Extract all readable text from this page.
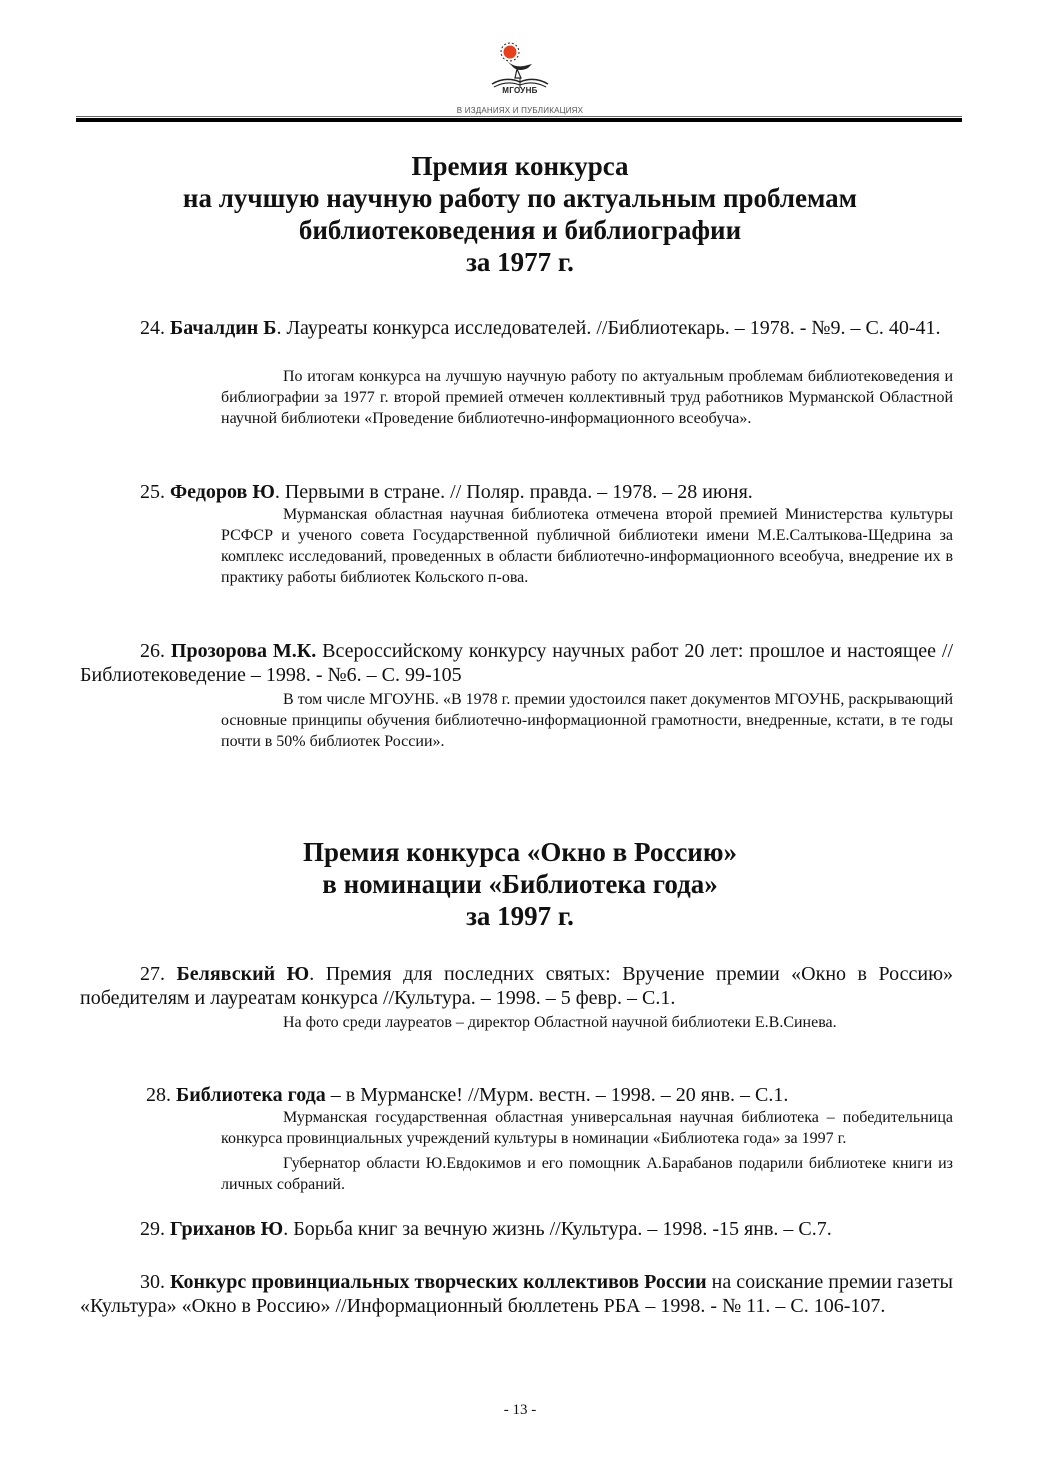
МГОУНБ
В ИЗДАНИЯХ И ПУБЛИКАЦИЯХ
Премия конкурса
на лучшую научную работу по актуальным проблемам
библиотековедения и библиографии
за 1977 г.
24. Бачалдин Б. Лауреаты конкурса исследователей. //Библиотекарь. – 1978. - №9. – С. 40-41.

По итогам конкурса на лучшую научную работу по актуальным проблемам библиотековедения и библиографии за 1977 г. второй премией отмечен коллективный труд работников Мурманской Областной научной библиотеки «Проведение библиотечно-информационного всеобуча».

25. Федоров Ю. Первыми в стране. // Поляр. правда. – 1978. – 28 июня.

Мурманская областная научная библиотека отмечена второй премией Министерства культуры РСФСР и ученого совета Государственной публичной библиотеки имени М.Е.Салтыкова-Щедрина за комплекс исследований, проведенных в области библиотечно-информационного всеобуча, внедрение их в практику работы библиотек Кольского п-ова.

26. Прозорова М.К. Всероссийскому конкурсу научных работ 20 лет: прошлое и настоящее //Библиотековедение – 1998. - №6. – С. 99-105

В том числе МГОУНБ. «В 1978 г. премии удостоился пакет документов МГОУНБ, раскрывающий основные принципы обучения библиотечно-информационной грамотности, внедренные, кстати, в те годы почти в 50% библиотек России».

Премия конкурса «Окно в Россию»
в номинации «Библиотека года»
за 1997 г.
27. Белявский Ю. Премия для последних святых: Вручение премии «Окно в Россию» победителям и лауреатам конкурса //Культура. – 1998. – 5 февр. – С.1.

На фото среди лауреатов – директор Областной научной библиотеки Е.В.Синева.

28. Библиотека года – в Мурманске! //Мурм. вестн. – 1998. – 20 янв. – С.1.

Мурманская государственная областная универсальная научная библиотека – победительница конкурса провинциальных учреждений культуры в номинации «Библиотека года» за 1997 г.

Губернатор области Ю.Евдокимов и его помощник А.Барабанов подарили библиотеке книги из личных собраний.

29. Гриханов Ю. Борьба книг за вечную жизнь //Культура. – 1998. -15 янв. – С.7.
30. Конкурс провинциальных творческих коллективов России на соискание премии газеты «Культура» «Окно в Россию» //Информационный бюллетень РБА – 1998. - № 11. – С. 106-107.
- 13 -
